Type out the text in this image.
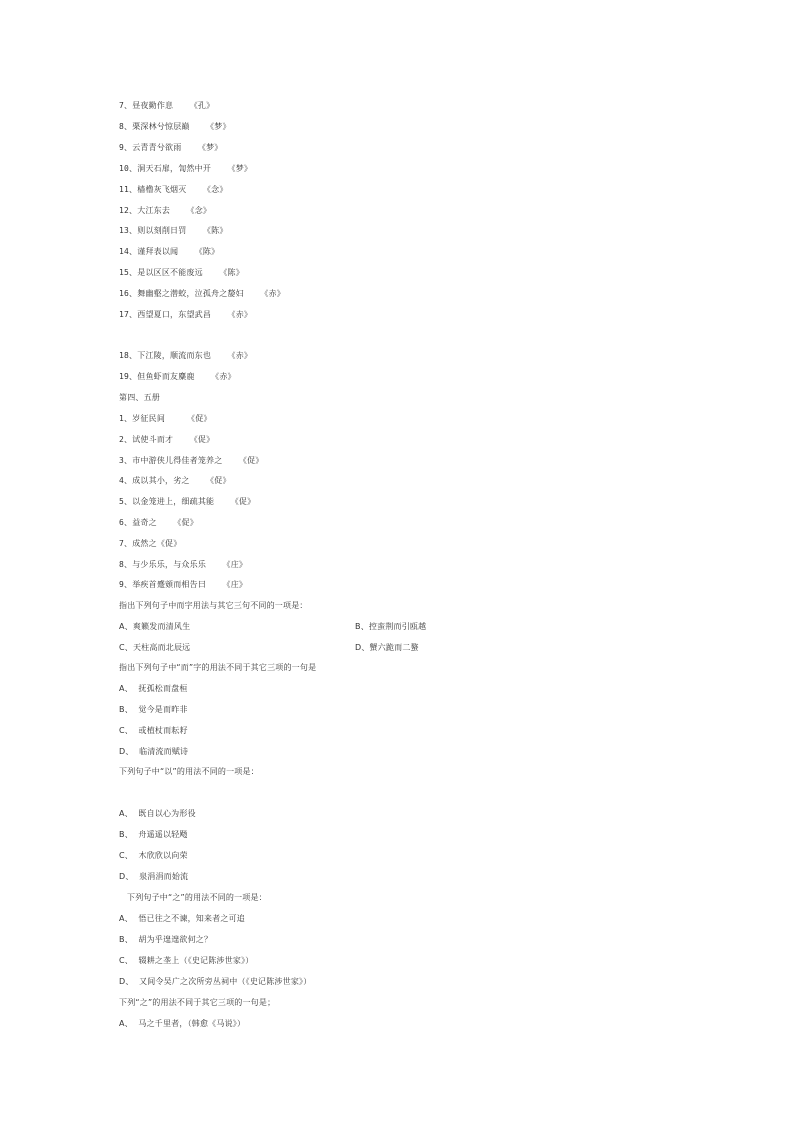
7、昼夜勤作息 《孔》
8、栗深林兮惊层巅 《梦》
9、云青青兮欲雨 《梦》
10、洞天石扉，訇然中开 《梦》
11、樯橹灰飞烟灭 《念》
12、大江东去 《念》
13、则以刻削日罚 《陈》
14、谨拜表以闻 《陈》
15、是以区区不能废远 《陈》
16、舞幽壑之潜蛟，泣孤舟之嫠妇 《赤》
17、西望夏口，东望武昌 《赤》
18、下江陵，顺流而东也 《赤》
19、但鱼虾而友麋鹿 《赤》
第四、五册
1、岁征民间	《促》
2、试使斗而才 《促》
3、市中游侠儿得佳者笼养之 《促》
4、成以其小，劣之 《促》
5、以金笼进上，细疏其能 《促》
6、益奇之 《促》
7、成然之《促》
8、与少乐乐，与众乐乐 《庄》
9、举疾首蹙頞而相告曰 《庄》
指出下列句子中而字用法与其它三句不同的一项是：
A、爽籁发而清风生	B、控蛮荆而引瓯越
C、天柱高而北辰远	D、蟹六跪而二螯
指出下列句子中“而”字的用法不同于其它三项的一句是
A、 抚孤松而盘桓
B、 觉今是而昨非
C、 或植杖而耘耔
D、 临清流而赋诗
下列句子中“以”的用法不同的一项是：
A、 既自以心为形役
B、 舟遥遥以轻飏
C、 木欣欣以向荣
D、 泉涓涓而始流
下列句子中“之”的用法不同的一项是：
A、 悟已往之不谏，知来者之可追
B、 胡为乎遑遑欲何之？
C、 辍耕之垄上（《史记陈涉世家》）
D、 又间令吴广之次所旁丛祠中（《史记陈涉世家》）
下列“之”的用法不同于其它三项的一句是；
A、 马之千里者，（韩愈《马说》）
